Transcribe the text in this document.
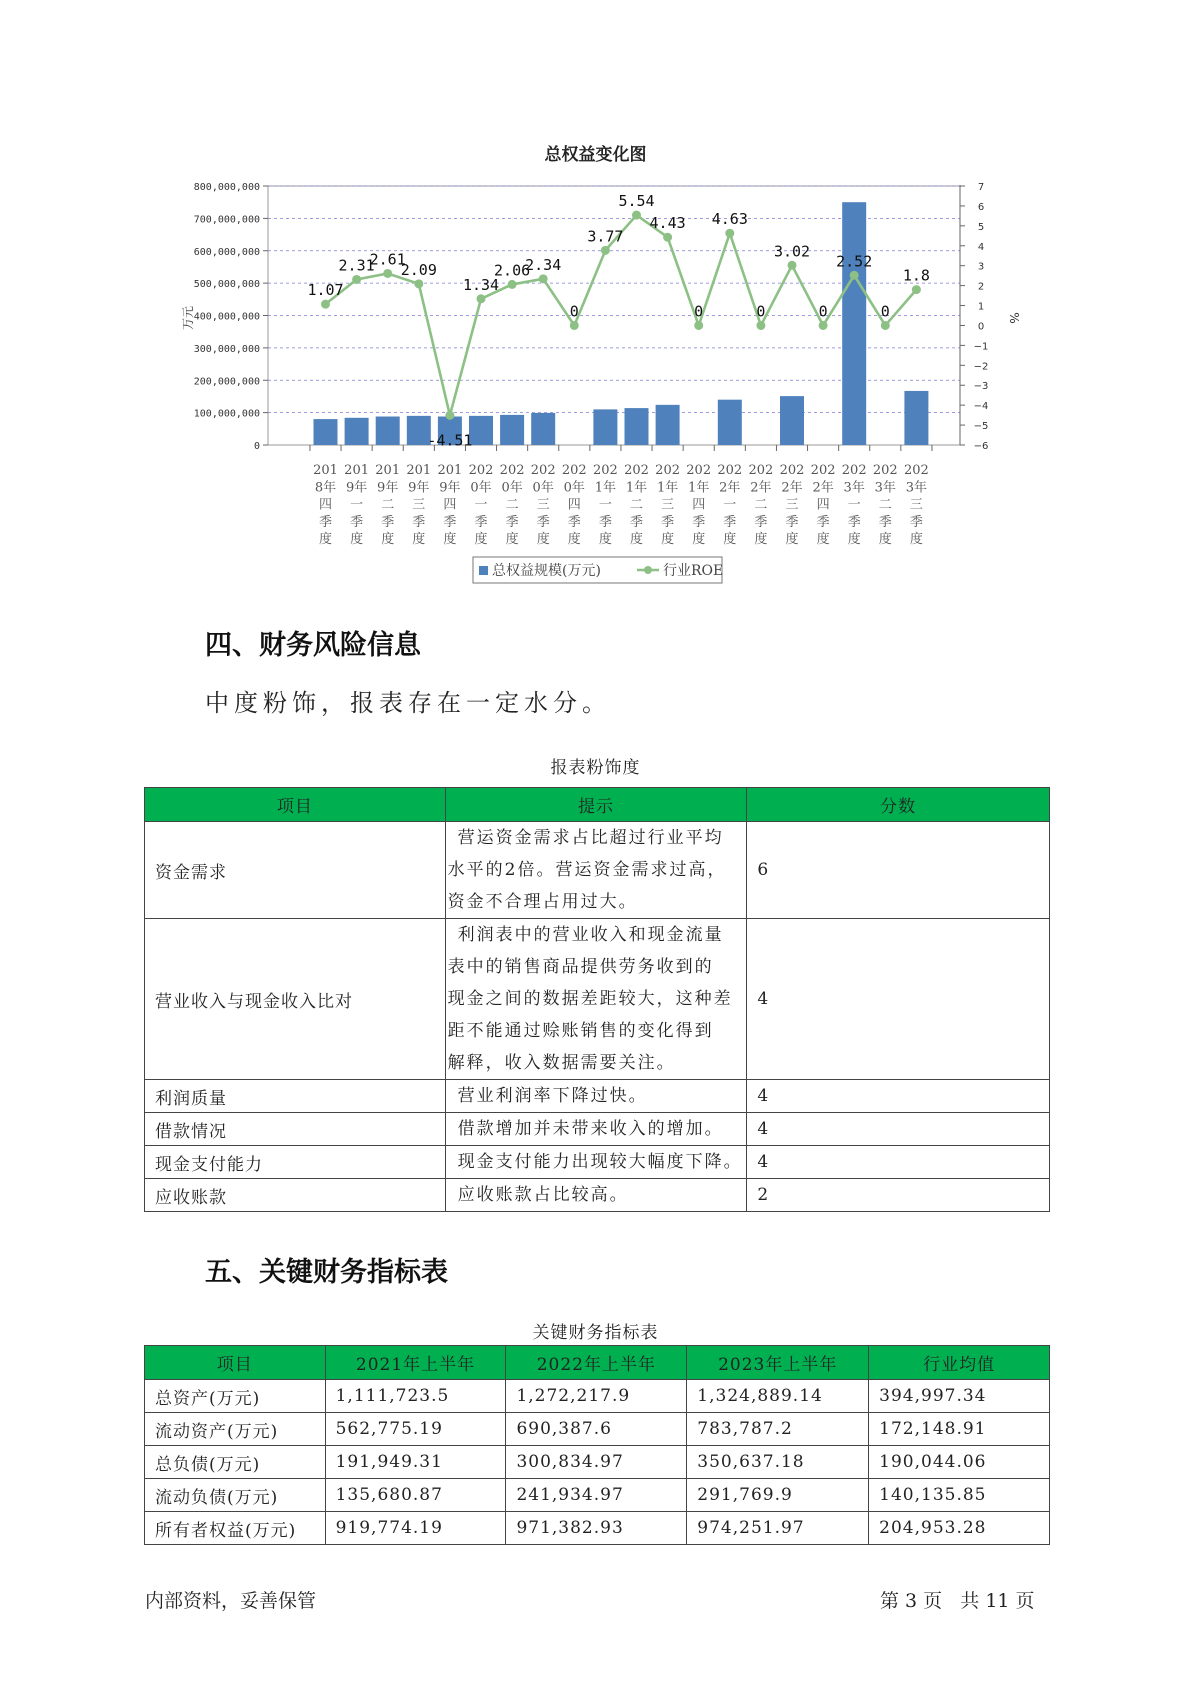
总权益变化图
0
100,000,000
200,000,000
300,000,000
400,000,000
500,000,000
600,000,000
700,000,000
800,000,000
−6
−5
−4
−3
−2
−1
0
1
2
3
4
5
6
7
万元	%
201
8年
四
季
度
201
9年
一
季
度
201
9年
二
季
度
201
9年
三
季
度
201
9年
四
季
度
202
0年
一
季
度
202
0年
二
季
度
202
0年
三
季
度
202
0年
四
季
度
202
1年
一
季
度
202
1年
二
季
度
202
1年
三
季
度
202
1年
四
季
度
202
2年
一
季
度
202
2年
二
季
度
202
2年
三
季
度
202
2年
四
季
度
202
3年
一
季
度
202
3年
二
季
度
202
3年
三
季
度
1.07
2.31
2.61
2.09
-4.51
1.34
2.06
2.34
0
3.77
5.54
4.43
0
4.63
0
3.02
0
2.52
0
1.8
总权益规模(万元)	行业ROE
四、财务风险信息
中度粉饰，报表存在一定水分。
报表粉饰度
项目	提示	分数
资金需求	营运资金需求占比超过行业平均
水平的2倍。营运资金需求过高，
资金不合理占用过大。	6
营业收入与现金收入比对	利润表中的营业收入和现金流量
表中的销售商品提供劳务收到的
现金之间的数据差距较大，这种差
距不能通过赊账销售的变化得到
解释，收入数据需要关注。	4
利润质量	营业利润率下降过快。	4
借款情况	借款增加并未带来收入的增加。	4
现金支付能力	现金支付能力出现较大幅度下降。	4
应收账款	应收账款占比较高。	2
五、关键财务指标表
关键财务指标表
项目	2021年上半年	2022年上半年	2023年上半年	行业均值
总资产(万元)	1,111,723.5	1,272,217.9	1,324,889.14	394,997.34
流动资产(万元)	562,775.19	690,387.6	783,787.2	172,148.91
总负债(万元)	191,949.31	300,834.97	350,637.18	190,044.06
流动负债(万元)	135,680.87	241,934.97	291,769.9	140,135.85
所有者权益(万元)	919,774.19	971,382.93	974,251.97	204,953.28
内部资料，妥善保管	第 3 页   共 11 页
